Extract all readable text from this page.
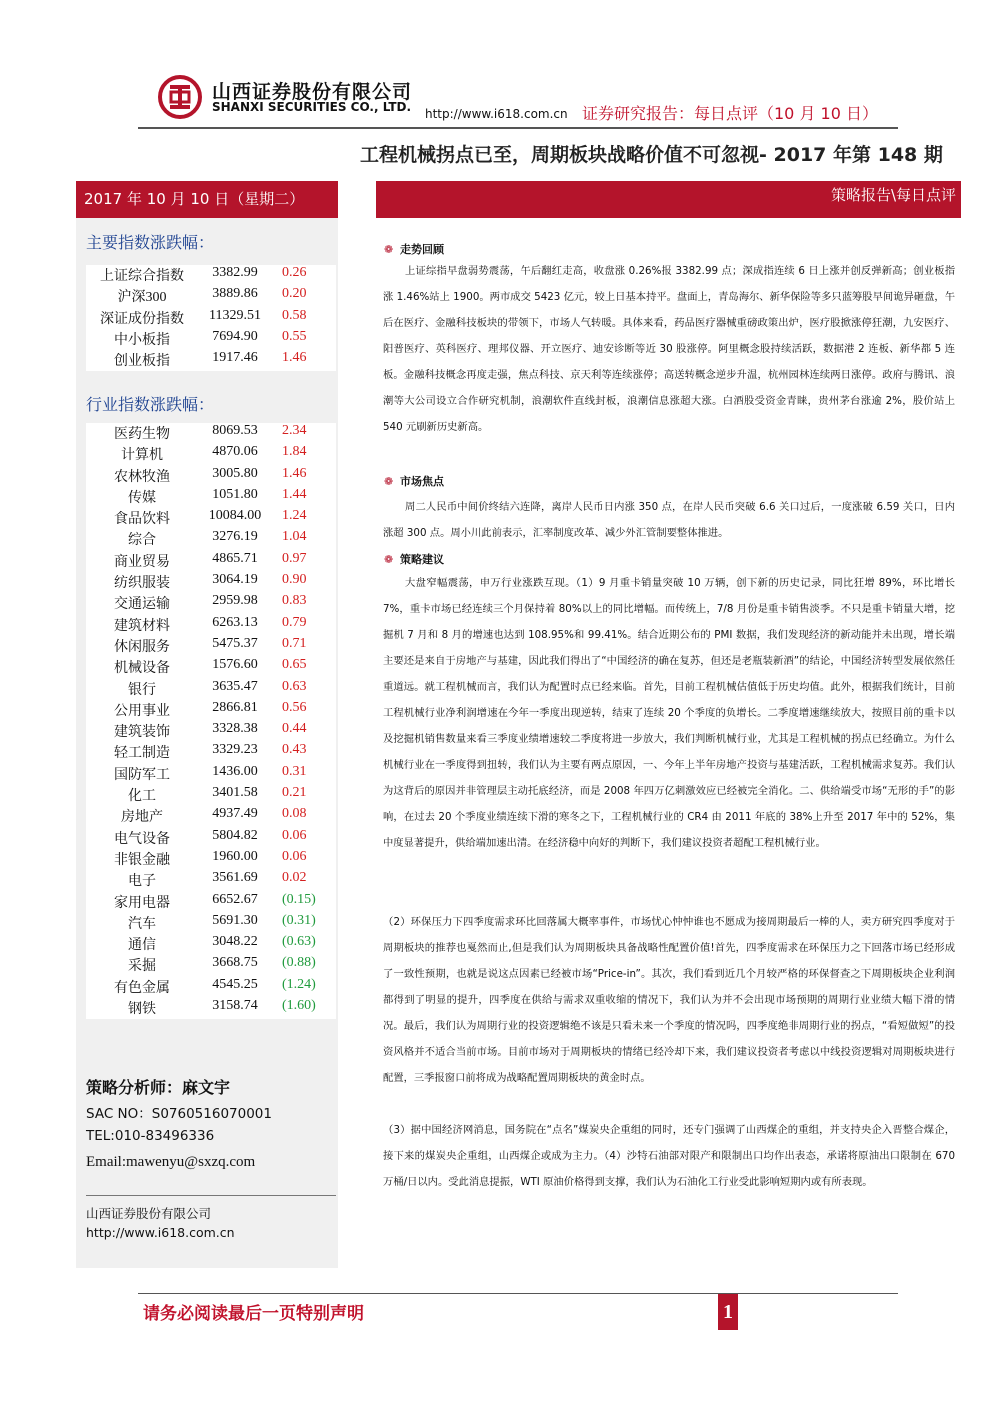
山西证券股份有限公司
SHANXI SECURITIES CO., LTD. http://www.i618.com.cn 证券研究报告：每日点评（10 月 10 日）
工程机械拐点已至，周期板块战略价值不可忽视- 2017 年第 148 期
2017 年 10 月 10 日（星期二）
主要指数涨跌幅：
上证综合指数	3382.99	0.26
沪深300	3889.86	0.20
深证成份指数	11329.51	0.58
中小板指	7694.90	0.55
创业板指	1917.46	1.46
行业指数涨跌幅：
医药生物	8069.53	2.34
计算机	4870.06	1.84
农林牧渔	3005.80	1.46
传媒	1051.80	1.44
食品饮料	10084.00	1.24
综合	3276.19	1.04
商业贸易	4865.71	0.97
纺织服装	3064.19	0.90
交通运输	2959.98	0.83
建筑材料	6263.13	0.79
休闲服务	5475.37	0.71
机械设备	1576.60	0.65
银行	3635.47	0.63
公用事业	2866.81	0.56
建筑装饰	3328.38	0.44
轻工制造	3329.23	0.43
国防军工	1436.00	0.31
化工	3401.58	0.21
房地产	4937.49	0.08
电气设备	5804.82	0.06
非银金融	1960.00	0.06
电子	3561.69	0.02
家用电器	6652.67	(0.15)
汽车	5691.30	(0.31)
通信	3048.22	(0.63)
采掘	3668.75	(0.88)
有色金属	4545.25	(1.24)
钢铁	3158.74	(1.60)
策略分析师：麻文宇
SAC NO：S0760516070001
TEL:010-83496336
Email:mawenyu@sxzq.com
山西证券股份有限公司
http://www.i618.com.cn
策略报告\每日点评
❁ 走势回顾
上证综指早盘弱势震荡，午后翻红走高，收盘涨 0.26%报 3382.99 点；深成指连续 6 日上涨并创反弹新高；创业板指涨 1.46%站上 1900。两市成交 5423 亿元，较上日基本持平。盘面上，青岛海尔、新华保险等多只蓝筹股早间诡异砸盘，午后在医疗、金融科技板块的带领下，市场人气转暖。具体来看，药品医疗器械重磅政策出炉，医疗股掀涨停狂潮，九安医疗、阳普医疗、英科医疗、理邦仪器、开立医疗、迪安诊断等近 30 股涨停。阿里概念股持续活跃，数据港 2 连板、新华都 5 连板。金融科技概念再度走强，焦点科技、京天利等连续涨停；高送转概念逆步升温，杭州园林连续两日涨停。政府与腾讯、浪潮等大公司设立合作研究机制，浪潮软件直线封板，浪潮信息涨超大涨。白酒股受资金青睐，贵州茅台涨逾 2%，股价站上 540 元刷新历史新高。
❁ 市场焦点
周二人民币中间价终结六连降，离岸人民币日内涨 350 点，在岸人民币突破 6.6 关口过后，一度涨破 6.59 关口，日内涨超 300 点。周小川此前表示，汇率制度改革、减少外汇管制要整体推进。
❁ 策略建议
大盘窄幅震荡，申万行业涨跌互现。（1）9 月重卡销量突破 10 万辆，创下新的历史记录，同比狂增 89%，环比增长 7%，重卡市场已经连续三个月保持着 80%以上的同比增幅。而传统上，7/8 月份是重卡销售淡季。不只是重卡销量大增，挖掘机 7 月和 8 月的增速也达到 108.95%和 99.41%。结合近期公布的 PMI 数据，我们发现经济的新动能并未出现，增长端主要还是来自于房地产与基建，因此我们得出了“中国经济的确在复苏，但还是老瓶装新酒”的结论，中国经济转型发展依然任重道远。就工程机械而言，我们认为配置时点已经来临。首先，目前工程机械估值低于历史均值。此外，根据我们统计，目前工程机械行业净利润增速在今年一季度出现逆转，结束了连续 20 个季度的负增长。二季度增速继续放大，按照目前的重卡以及挖掘机销售数量来看三季度业绩增速较二季度将进一步放大，我们判断机械行业，尤其是工程机械的拐点已经确立。为什么机械行业在一季度得到扭转，我们认为主要有两点原因，一、今年上半年房地产投资与基建活跃，工程机械需求复苏。我们认为这背后的原因并非管理层主动托底经济，而是 2008 年四万亿刺激效应已经被完全消化。二、供给端受市场“无形的手”的影响，在过去 20 个季度业绩连续下滑的寒冬之下，工程机械行业的 CR4 由 2011 年底的 38%上升至 2017 年中的 52%，集中度显著提升，供给端加速出清。在经济稳中向好的判断下，我们建议投资者超配工程机械行业。
（2）环保压力下四季度需求环比回落属大概率事件，市场忧心忡忡谁也不愿成为接周期最后一棒的人，卖方研究四季度对于周期板块的推荐也戛然而止,但是我们认为周期板块具备战略性配置价值!首先，四季度需求在环保压力之下回落市场已经形成了一致性预期，也就是说这点因素已经被市场“Price-in”。其次，我们看到近几个月较严格的环保督查之下周期板块企业利润都得到了明显的提升，四季度在供给与需求双重收缩的情况下，我们认为并不会出现市场预期的周期行业业绩大幅下滑的情况。最后，我们认为周期行业的投资逻辑绝不该是只看未来一个季度的情况吗，四季度绝非周期行业的拐点，“看短做短”的投资风格并不适合当前市场。目前市场对于周期板块的情绪已经冷却下来，我们建议投资者考虑以中线投资逻辑对周期板块进行配置，三季报窗口前将成为战略配置周期板块的黄金时点。
（3）据中国经济网消息，国务院在“点名”煤炭央企重组的同时，还专门强调了山西煤企的重组，并支持央企入晋整合煤企，接下来的煤炭央企重组，山西煤企或成为主力。（4）沙特石油部对限产和限制出口均作出表态，承诺将原油出口限制在 670 万桶/日以内。受此消息提振，WTI 原油价格得到支撑，我们认为石油化工行业受此影响短期内或有所表现。
请务必阅读最后一页特别声明	1
